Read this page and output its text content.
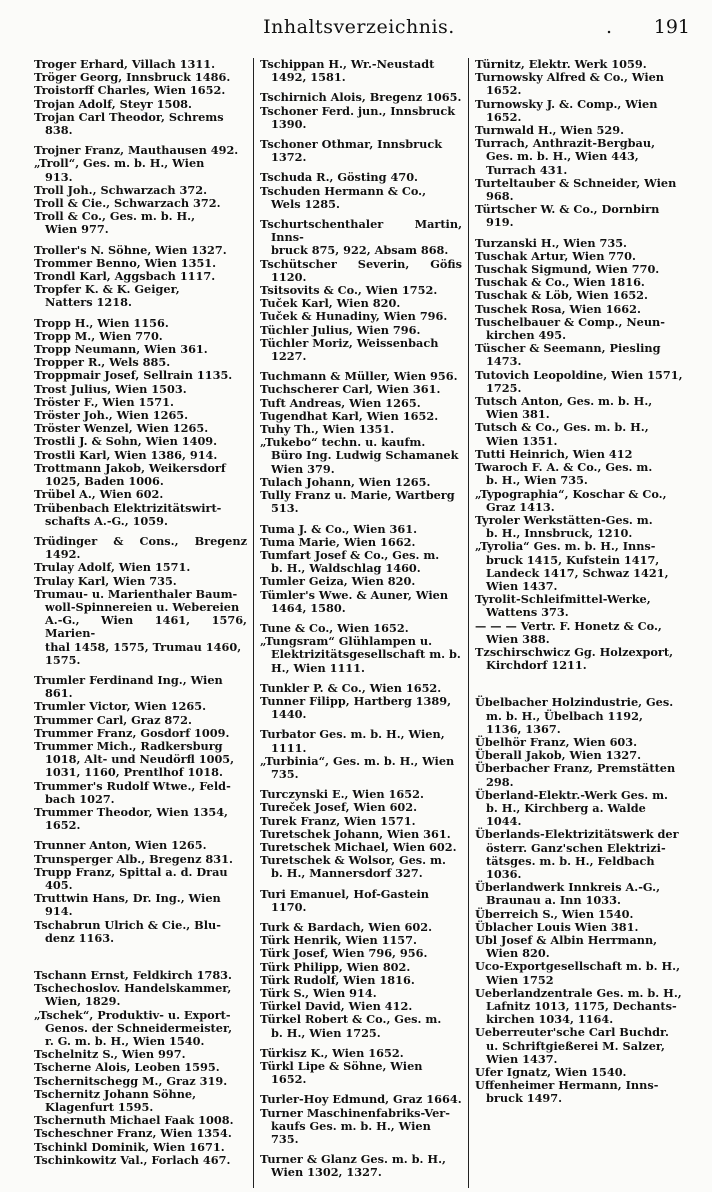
Inhaltsverzeichnis.	. 191

Troger Erhard, Villach 1311.

Tröger Georg, Innsbruck 1486.

Troistorff Charles, Wien 1652.

Trojan Adolf, Steyr 1508.

Trojan Carl Theodor, Schrems
838.

Trojner Franz, Mauthausen 492.

„Troll“, Ges. m. b. H., Wien
913.

Troll Joh., Schwarzach 372.

Troll & Cie., Schwarzach 372.

Troll & Co., Ges. m. b. H.,
Wien 977.

Troller's N. Söhne, Wien 1327.

Trommer Benno, Wien 1351.

Trondl Karl, Aggsbach 1117.

Tropfer K. & K. Geiger,
Natters 1218.

Tropp H., Wien 1156.

Tropp M., Wien 770.

Tropp Neumann, Wien 361.

Tropper R., Wels 885.

Troppmair Josef, Sellrain 1135.

Trost Julius, Wien 1503.

Tröster F., Wien 1571.

Tröster Joh., Wien 1265.

Tröster Wenzel, Wien 1265.

Trostli J. & Sohn, Wien 1409.

Trostli Karl, Wien 1386, 914.

Trottmann Jakob, Weikersdorf
1025, Baden 1006.

Trübel A., Wien 602.

Trübenbach Elektrizitätswirt-
schafts A.-G., 1059.

Trüdinger & Cons., Bregenz 1492.

Trulay Adolf, Wien 1571.

Trulay Karl, Wien 735.

Trumau- u. Marienthaler Baum-
woll-Spinnereien u. Webereien
A.-G., Wien 1461, 1576, Marien-
thal 1458, 1575, Trumau 1460,
1575.

Trumler Ferdinand Ing., Wien
861.

Trumler Victor, Wien 1265.

Trummer Carl, Graz 872.

Trummer Franz, Gosdorf 1009.

Trummer Mich., Radkersburg
1018, Alt- und Neudörfl 1005,
1031, 1160, Prentlhof 1018.

Trummer's Rudolf Wtwe., Feld-
bach 1027.

Trummer Theodor, Wien 1354,
1652.

Trunner Anton, Wien 1265.

Trunsperger Alb., Bregenz 831.

Trupp Franz, Spittal a. d. Drau
405.

Truttwin Hans, Dr. Ing., Wien
914.

Tschabrun Ulrich & Cie., Blu-
denz 1163.

Tschann Ernst, Feldkirch 1783.

Tschechoslov. Handelskammer,
Wien, 1829.

„Tschek“, Produktiv- u. Export-
Genos. der Schneidermeister,
r. G. m. b. H., Wien 1540.

Tschelnitz S., Wien 997.

Tscherne Alois, Leoben 1595.

Tschernitschegg M., Graz 319.

Tschernitz Johann Söhne,
Klagenfurt 1595.

Tschernuth Michael Faak 1008.

Tscheschner Franz, Wien 1354.

Tschinkl Dominik, Wien 1671.

Tschinkowitz Val., Forlach 467.

Tschippan H., Wr.-Neustadt
1492, 1581.

Tschirnich Alois, Bregenz 1065.

Tschoner Ferd. jun., Innsbruck
1390.

Tschoner Othmar, Innsbruck
1372.

Tschuda R., Gösting 470.

Tschuden Hermann & Co.,
Wels 1285.

Tschurtschenthaler Martin, Inns-
bruck 875, 922, Absam 868.

Tschütscher Severin, Göfis 1120.

Tsitsovits & Co., Wien 1752.

Tuček Karl, Wien 820.

Tuček & Hunadiny, Wien 796.

Tüchler Julius, Wien 796.

Tüchler Moriz, Weissenbach
1227.

Tuchmann & Müller, Wien 956.

Tuchscherer Carl, Wien 361.

Tuft Andreas, Wien 1265.

Tugendhat Karl, Wien 1652.

Tuhy Th., Wien 1351.

„Tukebo“ techn. u. kaufm.
Büro Ing. Ludwig Schamanek
Wien 379.

Tulach Johann, Wien 1265.

Tully Franz u. Marie, Wartberg
513.

Tuma J. & Co., Wien 361.

Tuma Marie, Wien 1662.

Tumfart Josef & Co., Ges. m.
b. H., Waldschlag 1460.

Tumler Geiza, Wien 820.

Tümler's Wwe. & Auner, Wien
1464, 1580.

Tune & Co., Wien 1652.

„Tungsram“ Glühlampen u.
Elektrizitätsgesellschaft m. b.
H., Wien 1111.

Tunkler P. & Co., Wien 1652.

Tunner Filipp, Hartberg 1389,
1440.

Turbator Ges. m. b. H., Wien,
1111.

„Turbinia“, Ges. m. b. H., Wien
735.

Turczynski E., Wien 1652.

Tureček Josef, Wien 602.

Turek Franz, Wien 1571.

Turetschek Johann, Wien 361.

Turetschek Michael, Wien 602.

Turetschek & Wolsor, Ges. m.
b. H., Mannersdorf 327.

Turi Emanuel, Hof-Gastein
1170.

Turk & Bardach, Wien 602.

Türk Henrik, Wien 1157.

Türk Josef, Wien 796, 956.

Türk Philipp, Wien 802.

Türk Rudolf, Wien 1816.

Türk S., Wien 914.

Türkel David, Wien 412.

Türkel Robert & Co., Ges. m.
b. H., Wien 1725.

Türkisz K., Wien 1652.

Türkl Lipe & Söhne, Wien
1652.

Turler-Hoy Edmund, Graz 1664.

Turner Maschinenfabriks-Ver-
kaufs Ges. m. b. H., Wien
735.

Turner & Glanz Ges. m. b. H.,
Wien 1302, 1327.

Türnitz, Elektr. Werk 1059.

Turnowsky Alfred & Co., Wien
1652.

Turnowsky J. &. Comp., Wien
1652.

Turnwald H., Wien 529.

Turrach, Anthrazit-Bergbau,
Ges. m. b. H., Wien 443,
Turrach 431.

Turteltauber & Schneider, Wien
968.

Türtscher W. & Co., Dornbirn
919.

Turzanski H., Wien 735.

Tuschak Artur, Wien 770.

Tuschak Sigmund, Wien 770.

Tuschak & Co., Wien 1816.

Tuschak & Löb, Wien 1652.

Tuschek Rosa, Wien 1662.

Tuschelbauer & Comp., Neun-
kirchen 495.

Tüscher & Seemann, Piesling
1473.

Tutovich Leopoldine, Wien 1571,
1725.

Tutsch Anton, Ges. m. b. H.,
Wien 381.

Tutsch & Co., Ges. m. b. H.,
Wien 1351.

Tutti Heinrich, Wien 412

Twaroch F. A. & Co., Ges. m.
b. H., Wien 735.

„Typographia“, Koschar & Co.,
Graz 1413.

Tyroler Werkstätten-Ges. m.
b. H., Innsbruck, 1210.

„Tyrolia“ Ges. m. b. H., Inns-
bruck 1415, Kufstein 1417,
Landeck 1417, Schwaz 1421,
Wien 1437.

Tyrolit-Schleifmittel-Werke,
Wattens 373.

— — — Vertr. F. Honetz & Co.,
Wien 388.

Tzschirschwicz Gg. Holzexport,
Kirchdorf 1211.

Übelbacher Holzindustrie, Ges.
m. b. H., Übelbach 1192,
1136, 1367.

Übelhör Franz, Wien 603.

Überall Jakob, Wien 1327.

Überbacher Franz, Premstätten
298.

Überland-Elektr.-Werk Ges. m.
b. H., Kirchberg a. Walde
1044.

Überlands-Elektrizitätswerk der
österr. Ganz'schen Elektrizi-
tätsges. m. b. H., Feldbach
1036.

Überlandwerk Innkreis A.-G.,
Braunau a. Inn 1033.

Überreich S., Wien 1540.

Üblacher Louis Wien 381.

Ubl Josef & Albin Herrmann,
Wien 820.

Uco-Exportgesellschaft m. b. H.,
Wien 1752

Ueberlandzentrale Ges. m. b. H.,
Lafnitz 1013, 1175, Dechants-
kirchen 1034, 1164.

Ueberreuter'sche Carl Buchdr.
u. Schriftgießerei M. Salzer,
Wien 1437.

Ufer Ignatz, Wien 1540.

Uffenheimer Hermann, Inns-
bruck 1497.
